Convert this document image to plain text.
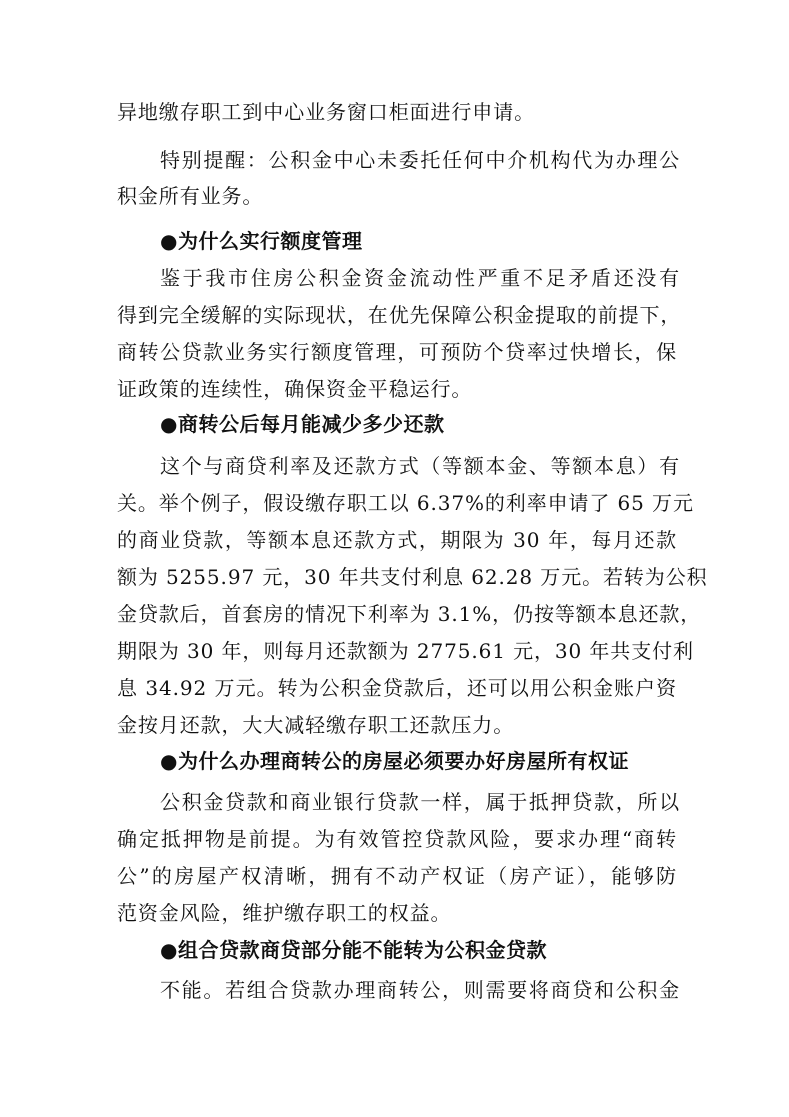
异地缴存职工到中心业务窗口柜面进行申请。
特别提醒：公积金中心未委托任何中介机构代为办理公
积金所有业务。
●为什么实行额度管理
鉴于我市住房公积金资金流动性严重不足矛盾还没有
得到完全缓解的实际现状，在优先保障公积金提取的前提下，
商转公贷款业务实行额度管理，可预防个贷率过快增长，保
证政策的连续性，确保资金平稳运行。
●商转公后每月能减少多少还款
这个与商贷利率及还款方式（等额本金、等额本息）有
关。举个例子，假设缴存职工以 6.37%的利率申请了 65 万元
的商业贷款，等额本息还款方式，期限为 30 年，每月还款
额为 5255.97 元，30 年共支付利息 62.28 万元。若转为公积
金贷款后，首套房的情况下利率为 3.1%，仍按等额本息还款，
期限为 30 年，则每月还款额为 2775.61 元，30 年共支付利
息 34.92 万元。转为公积金贷款后，还可以用公积金账户资
金按月还款，大大减轻缴存职工还款压力。
●为什么办理商转公的房屋必须要办好房屋所有权证
公积金贷款和商业银行贷款一样，属于抵押贷款，所以
确定抵押物是前提。为有效管控贷款风险，要求办理“商转
公”的房屋产权清晰，拥有不动产权证（房产证），能够防
范资金风险，维护缴存职工的权益。
●组合贷款商贷部分能不能转为公积金贷款
不能。若组合贷款办理商转公，则需要将商贷和公积金
